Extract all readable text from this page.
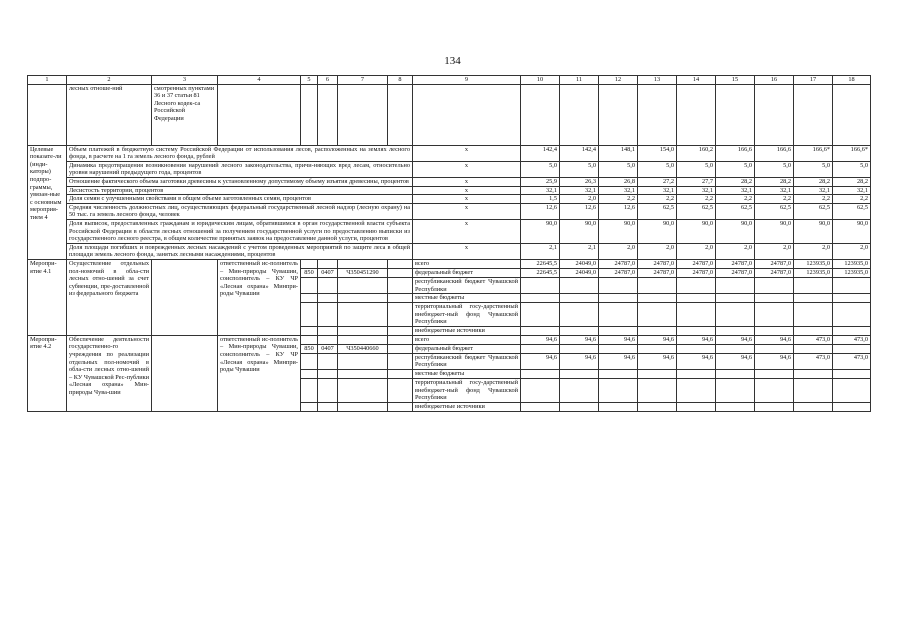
134
1	2	3	4	5	6	7	8	9	10	11	12	13	14	15	16	17	18
	лесных отноше-ний	смотренных пунктами 36 и 37 статьи 81 Лесного кодек-са Российской Федерации															
Целевые показате-ли (инди-каторы) подпро-граммы, увязан-ные с основным мероприя-тием 4	Объем платежей в бюджетную систему Российской Федерации от использования лесов, расположенных на землях лесного фонда, в расчете на 1 га земель лесного фонда, рублей							х	142,4	142,4	148,1	154,0	160,2	166,6	166,6	166,6*	166,6*
	Динамика предотвращения возникновения нарушений лесного законодательства, причи-няющих вред лесам, относительно уровня нарушений предыдущего года, процентов							х	5,0	5,0	5,0	5,0	5,0	5,0	5,0	5,0	5,0
	Отношение фактического объема заготовки древесины к установленному допустимому объему изъятия древесины, процентов							х	25,9	26,3	26,8	27,2	27,7	28,2	28,2	28,2	28,2
	Лесистость территории, процентов							х	32,1	32,1	32,1	32,1	32,1	32,1	32,1	32,1	32,1
	Доля семян с улучшенными свойствами в общем объеме заготовленных семян, процентов							х	1,5	2,0	2,2	2,2	2,2	2,2	2,2	2,2	2,2
	Средняя численность должностных лиц, осуществляющих федеральный государственный лесной надзор (лесную охрану) на 50 тыс. га земель лесного фонда, человек							х	12,6	12,6	12,6	62,5	62,5	62,5	62,5	62,5	62,5
	Доля выписок, предоставленных гражданам и юридическим лицам, обратившимся в орган государственной власти субъекта Российской Федерации в области лесных отношений за получением государственной услуги по предоставлению выписки из государственного лесного реестра, в общем количестве принятых заявок на предоставление данной услуги, процентов							х	90,0	90,0	90,0	90,0	90,0	90,0	90,0	90,0	90,0
	Доля площади погибших и поврежденных лесных насаждений с учетом проведенных мероприятий по защите леса в общей площади земель лесного фонда, занятых лесными насаждениями, процентов							х	2,1	2,1	2,0	2,0	2,0	2,0	2,0	2,0	2,0
Меропри-ятие 4.1	Осуществление отдельных пол-номочий в обла-сти лесных отно-шений за счет субвенции, пре-доставленной из федерального бюджета		ответственный ис-полнитель – Мин-природы Чувашии, соисполнитель – КУ ЧР «Лесная охрана» Минпри-роды Чувашии					всего	22645,5	24049,0	24787,0	24787,0	24787,0	24787,0	24787,0	123935,0	123935,0
				850	0407	Ч350451290		федеральный бюджет	22645,5	24049,0	24787,0	24787,0	24787,0	24787,0	24787,0	123935,0	123935,0
								республиканский бюджет Чувашской Республики									
								местные бюджеты									
								территориальный госу-дарственный внебюджет-ный фонд Чувашской Республики									
								внебюджетные источники									
Меропри-ятие 4.2	Обеспечение деятельности государственно-го учреждения по реализации отдельных пол-номочий в обла-сти лесных отно-шений – КУ Чувашской Рес-публики «Лесная охрана» Мин-природы Чува-шии		ответственный ис-полнитель – Мин-природы Чувашии, соисполнитель – КУ ЧР «Лесная охрана» Минпри-роды Чувашии					всего	94,6	94,6	94,6	94,6	94,6	94,6	94,6	473,0	473,0
				850	0407	Ч350440660		федеральный бюджет									
								республиканский бюджет Чувашской Республики	94,6	94,6	94,6	94,6	94,6	94,6	94,6	473,0	473,0
								местные бюджеты									
								территориальный госу-дарственный внебюджет-ный фонд Чувашской Республики									
								внебюджетные источники									
